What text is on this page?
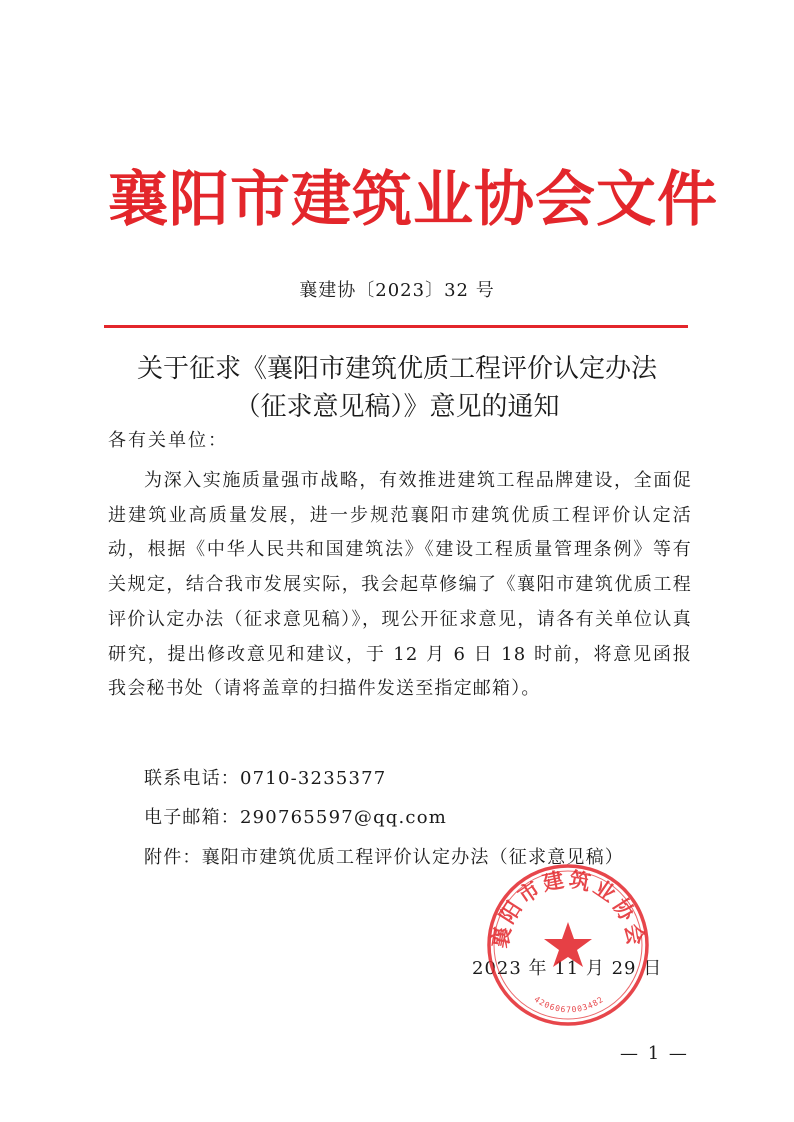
襄阳市建筑业协会文件
襄建协〔2023〕32 号
关于征求《襄阳市建筑优质工程评价认定办法
（征求意见稿）》意见的通知
各有关单位：

为深入实施质量强市战略，有效推进建筑工程品牌建设，全面促进建筑业高质量发展，进一步规范襄阳市建筑优质工程评价认定活动，根据《中华人民共和国建筑法》《建设工程质量管理条例》等有关规定，结合我市发展实际，我会起草修编了《襄阳市建筑优质工程评价认定办法（征求意见稿）》，现公开征求意见，请各有关单位认真研究，提出修改意见和建议，于 12 月 6 日 18 时前，将意见函报我会秘书处（请将盖章的扫描件发送至指定邮箱）。

联系电话：0710-3235377
电子邮箱：290765597@qq.com
附件：襄阳市建筑优质工程评价认定办法（征求意见稿）
2023 年 11 月 29 日
襄阳市建筑业协会
4206067003482
— 1 —
